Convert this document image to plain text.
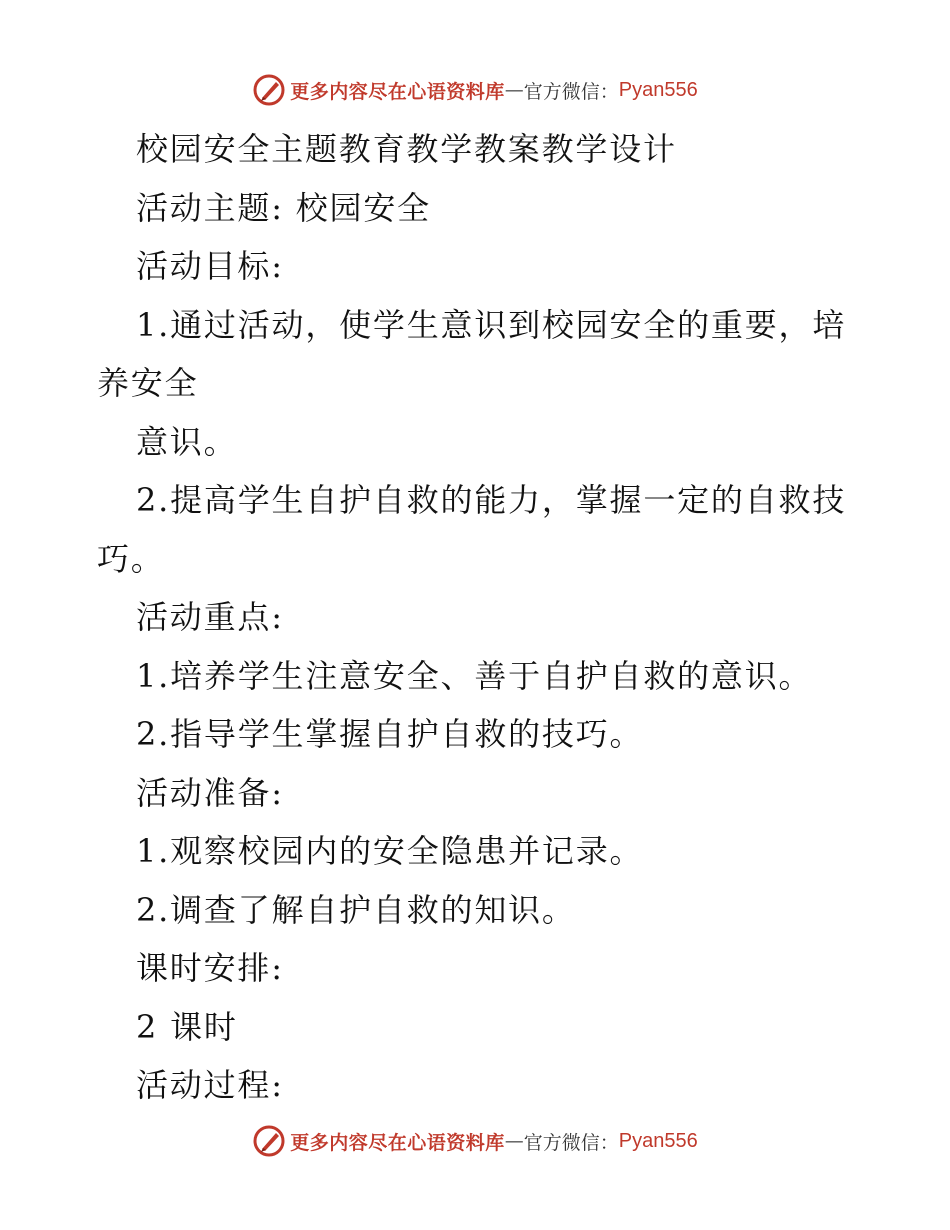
更多内容尽在心语资料库 — 官方微信： Pyan556
校园安全主题教育教学教案教学设计
活动主题: 校园安全
活动目标:
1.通过活动，使学生意识到校园安全的重要，培
养安全
意识。
2.提高学生自护自救的能力，掌握一定的自救技
巧。
活动重点:
1.培养学生注意安全、善于自护自救的意识。
2.指导学生掌握自护自救的技巧。
活动准备:
1.观察校园内的安全隐患并记录。
2.调查了解自护自救的知识。
课时安排:
2 课时
活动过程:
更多内容尽在心语资料库 — 官方微信： Pyan556
